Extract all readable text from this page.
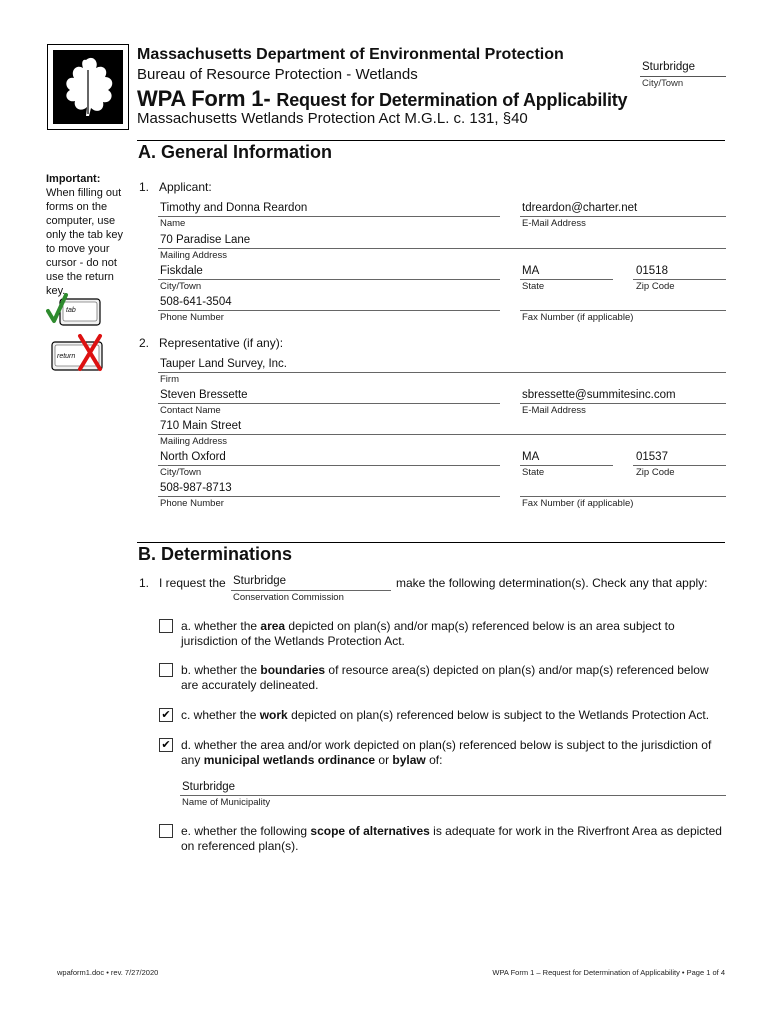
Massachusetts Department of Environmental Protection
Bureau of Resource Protection - Wetlands
WPA Form 1- Request for Determination of Applicability
Massachusetts Wetlands Protection Act M.G.L. c. 131, §40
Sturbridge
City/Town
A. General Information
Important:
When filling out forms on the computer, use only the tab key to move your cursor - do not use the return key.
tab
return
1. Applicant:
Timothy and Donna Reardon
Name
tdreardon@charter.net
E-Mail Address
70 Paradise Lane
Mailing Address
Fiskdale
City/Town
MA
State
01518
Zip Code
508-641-3504
Phone Number	Fax Number (if applicable)
2. Representative (if any):
Tauper Land Survey, Inc.
Firm
Steven Bressette
Contact Name
sbressette@summitesinc.com
E-Mail Address
710 Main Street
Mailing Address
North Oxford
City/Town
MA
State
01537
Zip Code
508-987-8713
Phone Number	Fax Number (if applicable)
B. Determinations
1. I request the Sturbridge
Conservation Commission
make the following determination(s). Check any that apply:
a. whether the area depicted on plan(s) and/or map(s) referenced below is an area subject to jurisdiction of the Wetlands Protection Act.
b. whether the boundaries of resource area(s) depicted on plan(s) and/or map(s) referenced below are accurately delineated.
✔ c. whether the work depicted on plan(s) referenced below is subject to the Wetlands Protection Act.
✔ d. whether the area and/or work depicted on plan(s) referenced below is subject to the jurisdiction of any municipal wetlands ordinance or bylaw of:
Sturbridge
Name of Municipality
e. whether the following scope of alternatives is adequate for work in the Riverfront Area as depicted on referenced plan(s).
wpaform1.doc • rev. 7/27/2020	WPA Form 1 – Request for Determination of Applicability • Page 1 of 4
